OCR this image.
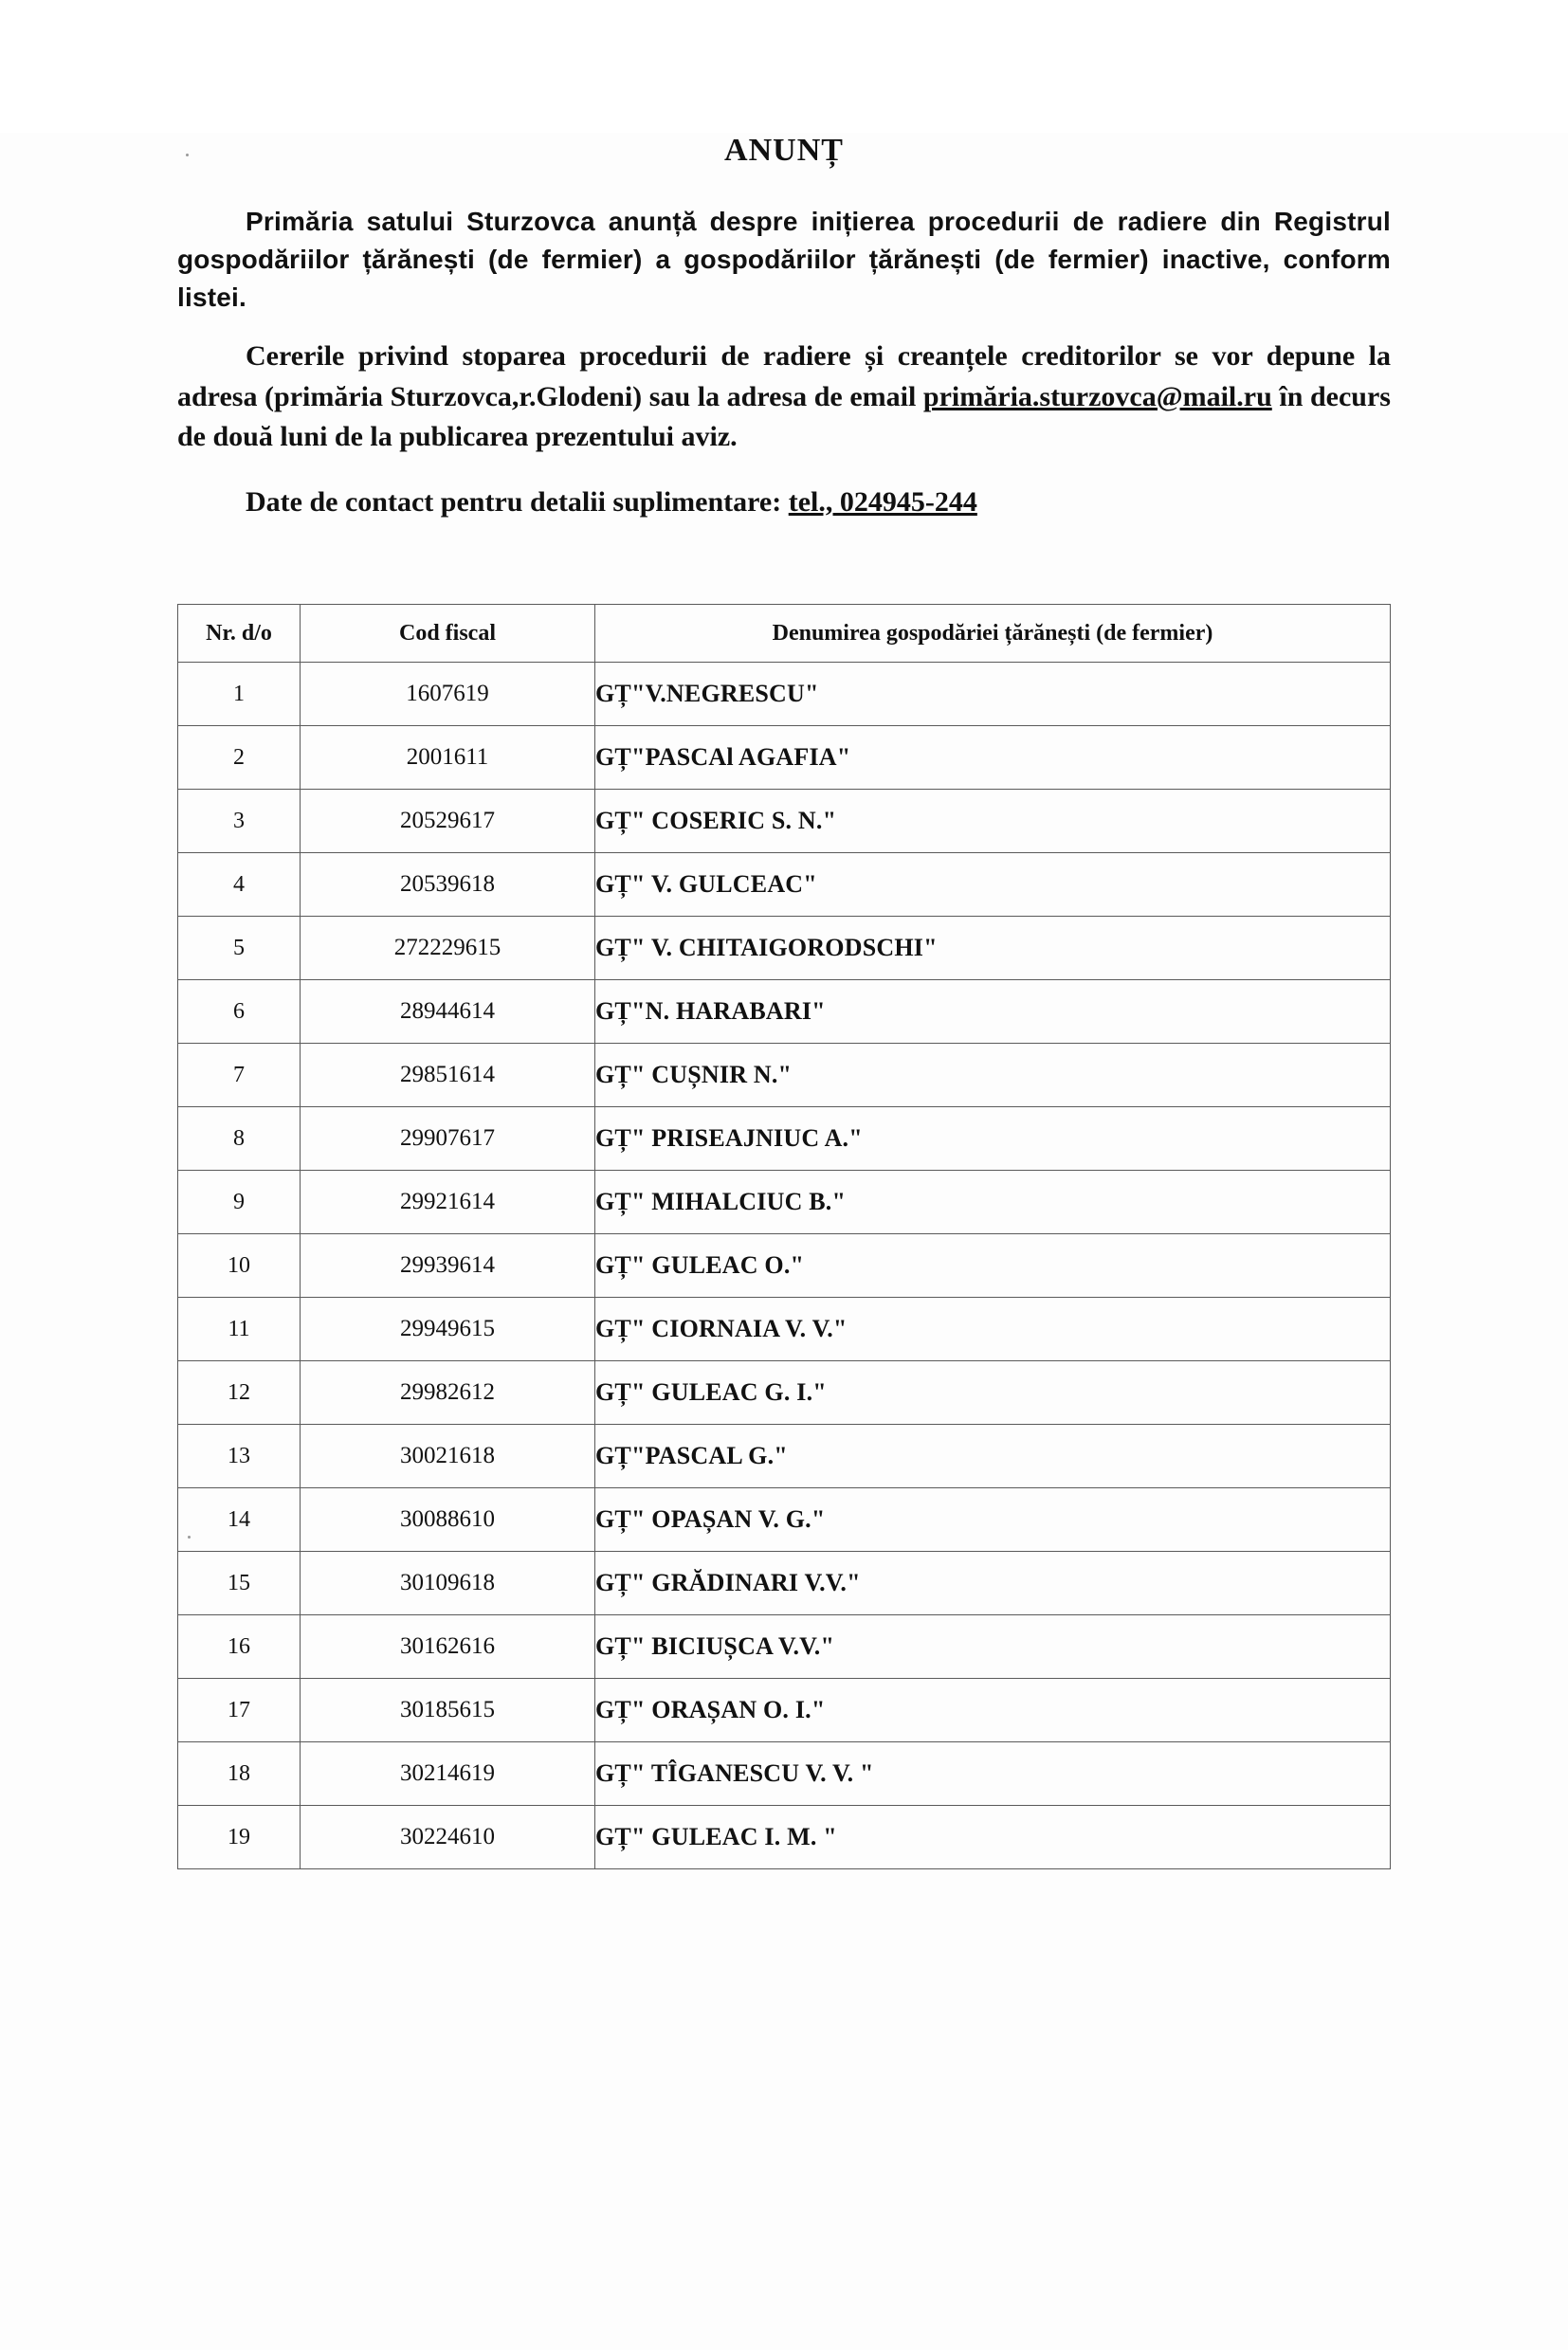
ANUNȚ

Primăria satului Sturzovca anunță despre inițierea procedurii de radiere din Registrul gospodăriilor țărănești (de fermier) a gospodăriilor țărănești (de fermier) inactive, conform listei.

Cererile privind stoparea procedurii de radiere și creanțele creditorilor se vor depune la adresa (primăria Sturzovca,r.Glodeni) sau la adresa de email primăria.sturzovca@mail.ru în decurs de două luni de la publicarea prezentului aviz.

Date de contact pentru detalii suplimentare: tel., 024945-244

Nr. d/o	Cod fiscal	Denumirea gospodăriei țărănești (de fermier)
1	1607619	GȚ"V.NEGRESCU"
2	2001611	GȚ"PASCAl AGAFIA"
3	20529617	GȚ" COSERIC S. N."
4	20539618	GȚ" V. GULCEAC"
5	272229615	GȚ" V. CHITAIGORODSCHI"
6	28944614	GȚ"N. HARABARI"
7	29851614	GȚ" CUȘNIR N."
8	29907617	GȚ" PRISEAJNIUC A."
9	29921614	GȚ" MIHALCIUC B."
10	29939614	GȚ" GULEAC O."
11	29949615	GȚ" CIORNAIA V. V."
12	29982612	GȚ" GULEAC G. I."
13	30021618	GȚ"PASCAL G."
14	30088610	GȚ" OPAȘAN V. G."
15	30109618	GȚ" GRĂDINARI V.V."
16	30162616	GȚ" BICIUȘCA V.V."
17	30185615	GȚ" ORAȘAN O. I."
18	30214619	GȚ" TÎGANESCU V. V. "
19	30224610	GȚ" GULEAC I. M. "
